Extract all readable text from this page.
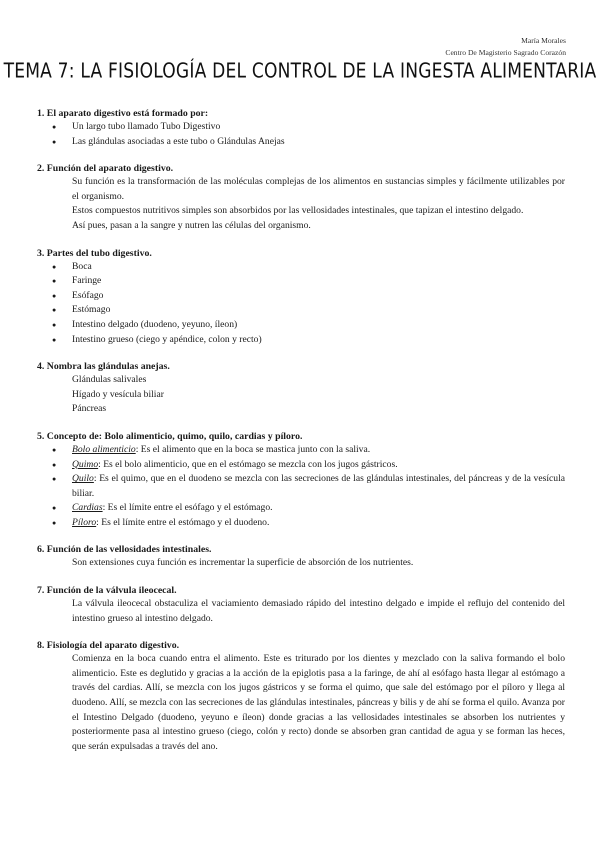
María Morales
Centro De Magisterio Sagrado Corazón
TEMA 7: LA FISIOLOGÍA DEL CONTROL DE LA INGESTA ALIMENTARIA
1. El aparato digestivo está formado por:
● Un largo tubo llamado Tubo Digestivo
● Las glándulas asociadas a este tubo o Glándulas Anejas
2. Función del aparato digestivo.

Su función es la transformación de las moléculas complejas de los alimentos en sustancias simples y fácilmente utilizables por el organismo.

Estos compuestos nutritivos simples son absorbidos por las vellosidades intestinales, que tapizan el intestino delgado.

Así pues, pasan a la sangre y nutren las células del organismo.

3. Partes del tubo digestivo.
● Boca
● Faringe
● Esófago
● Estómago
● Intestino delgado (duodeno, yeyuno, íleon)
● Intestino grueso (ciego y apéndice, colon y recto)
4. Nombra las glándulas anejas.
Glándulas salivales
Hígado y vesícula biliar
Páncreas
5. Concepto de: Bolo alimenticio, quimo, quilo, cardias y píloro.
● Bolo alimenticio: Es el alimento que en la boca se mastica junto con la saliva.
● Quimo: Es el bolo alimenticio, que en el estómago se mezcla con los jugos gástricos.
● Quilo: Es el quimo, que en el duodeno se mezcla con las secreciones de las glándulas intestinales, del páncreas y de la vesícula biliar.
● Cardias: Es el límite entre el esófago y el estómago.
● Píloro: Es el límite entre el estómago y el duodeno.
6. Función de las vellosidades intestinales.

Son extensiones cuya función es incrementar la superficie de absorción de los nutrientes.

7. Función de la válvula ileocecal.

La válvula ileocecal obstaculiza el vaciamiento demasiado rápido del intestino delgado e impide el reflujo del contenido del intestino grueso al intestino delgado.

8. Fisiología del aparato digestivo.

Comienza en la boca cuando entra el alimento. Este es triturado por los dientes y mezclado con la saliva formando el bolo alimenticio. Este es deglutido y gracias a la acción de la epiglotis pasa a la faringe, de ahí al esófago hasta llegar al estómago a través del cardias. Allí, se mezcla con los jugos gástricos y se forma el quimo, que sale del estómago por el píloro y llega al duodeno. Allí, se mezcla con las secreciones de las glándulas intestinales, páncreas y bilis y de ahí se forma el quilo. Avanza por el Intestino Delgado (duodeno, yeyuno e íleon) donde gracias a las vellosidades intestinales se absorben los nutrientes y posteriormente pasa al intestino grueso (ciego, colón y recto) donde se absorben gran cantidad de agua y se forman las heces, que serán expulsadas a través del ano.
